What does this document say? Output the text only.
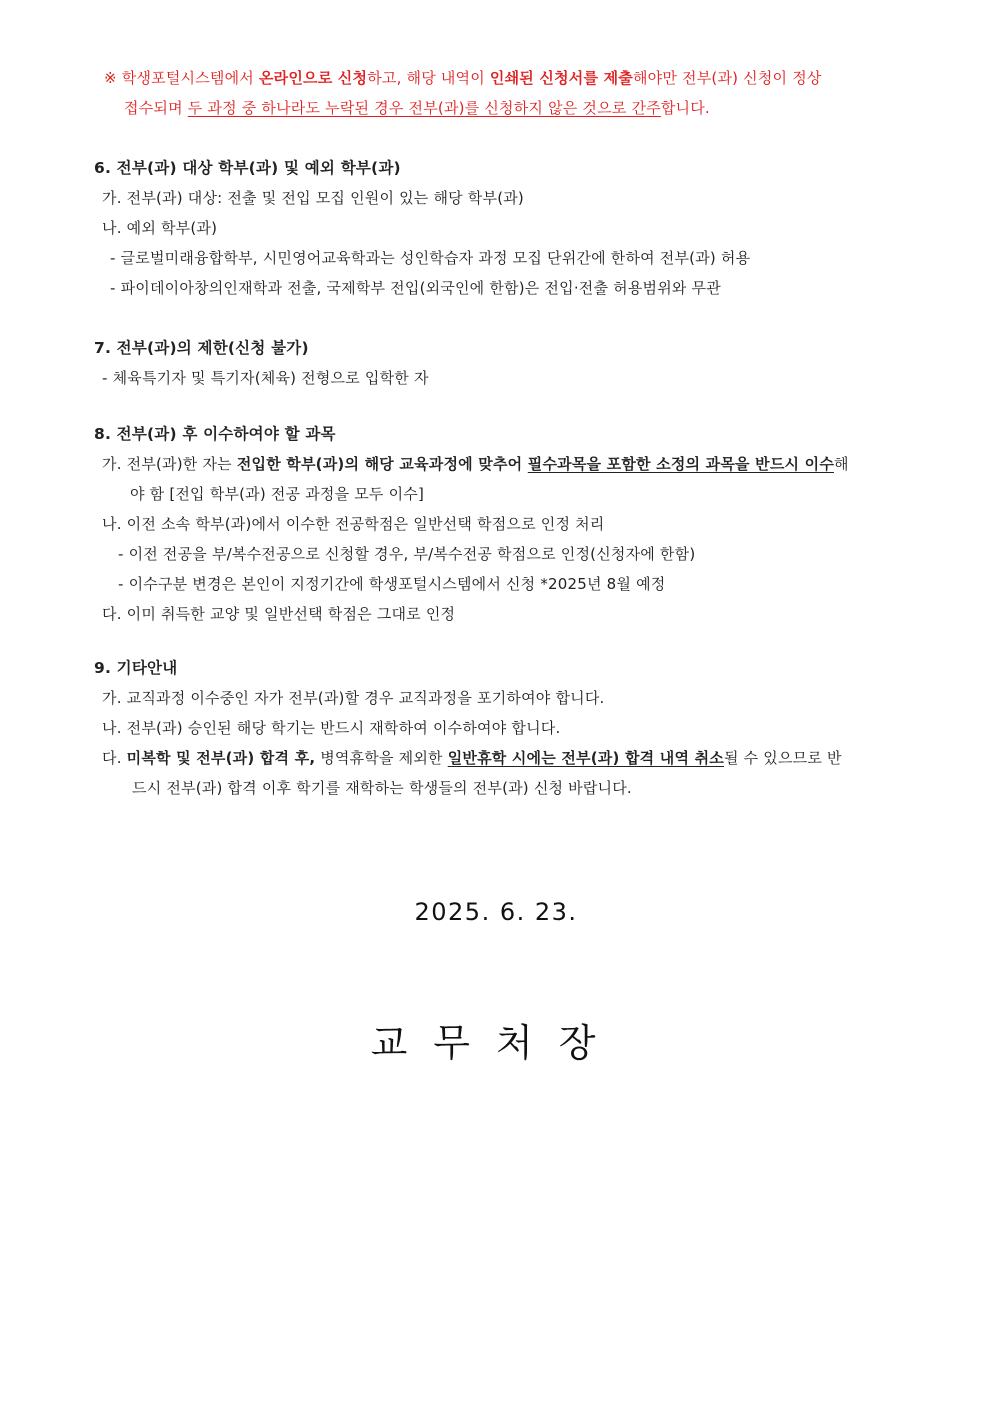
※ 학생포털시스템에서 온라인으로 신청하고, 해당 내역이 인쇄된 신청서를 제출해야만 전부(과) 신청이 정상
접수되며 두 과정 중 하나라도 누락된 경우 전부(과)를 신청하지 않은 것으로 간주합니다.
6. 전부(과) 대상 학부(과) 및 예외 학부(과)
가. 전부(과) 대상: 전출 및 전입 모집 인원이 있는 해당 학부(과)
나. 예외 학부(과)
- 글로벌미래융합학부, 시민영어교육학과는 성인학습자 과정 모집 단위간에 한하여 전부(과) 허용
- 파이데이아창의인재학과 전출, 국제학부 전입(외국인에 한함)은 전입·전출 허용범위와 무관
7. 전부(과)의 제한(신청 불가)
- 체육특기자 및 특기자(체육) 전형으로 입학한 자
8. 전부(과) 후 이수하여야 할 과목
가. 전부(과)한 자는 전입한 학부(과)의 해당 교육과정에 맞추어 필수과목을 포함한 소정의 과목을 반드시 이수해
야 함 [전입 학부(과) 전공 과정을 모두 이수]
나. 이전 소속 학부(과)에서 이수한 전공학점은 일반선택 학점으로 인정 처리
- 이전 전공을 부/복수전공으로 신청할 경우, 부/복수전공 학점으로 인정(신청자에 한함)
- 이수구분 변경은 본인이 지정기간에 학생포털시스템에서 신청 *2025년 8월 예정
다. 이미 취득한 교양 및 일반선택 학점은 그대로 인정
9. 기타안내
가. 교직과정 이수중인 자가 전부(과)할 경우 교직과정을 포기하여야 합니다.
나. 전부(과) 승인된 해당 학기는 반드시 재학하여 이수하여야 합니다.
다. 미복학 및 전부(과) 합격 후, 병역휴학을 제외한 일반휴학 시에는 전부(과) 합격 내역 취소될 수 있으므로 반
드시 전부(과) 합격 이후 학기를 재학하는 학생들의 전부(과) 신청 바랍니다.
2025. 6. 23.
교무처장
